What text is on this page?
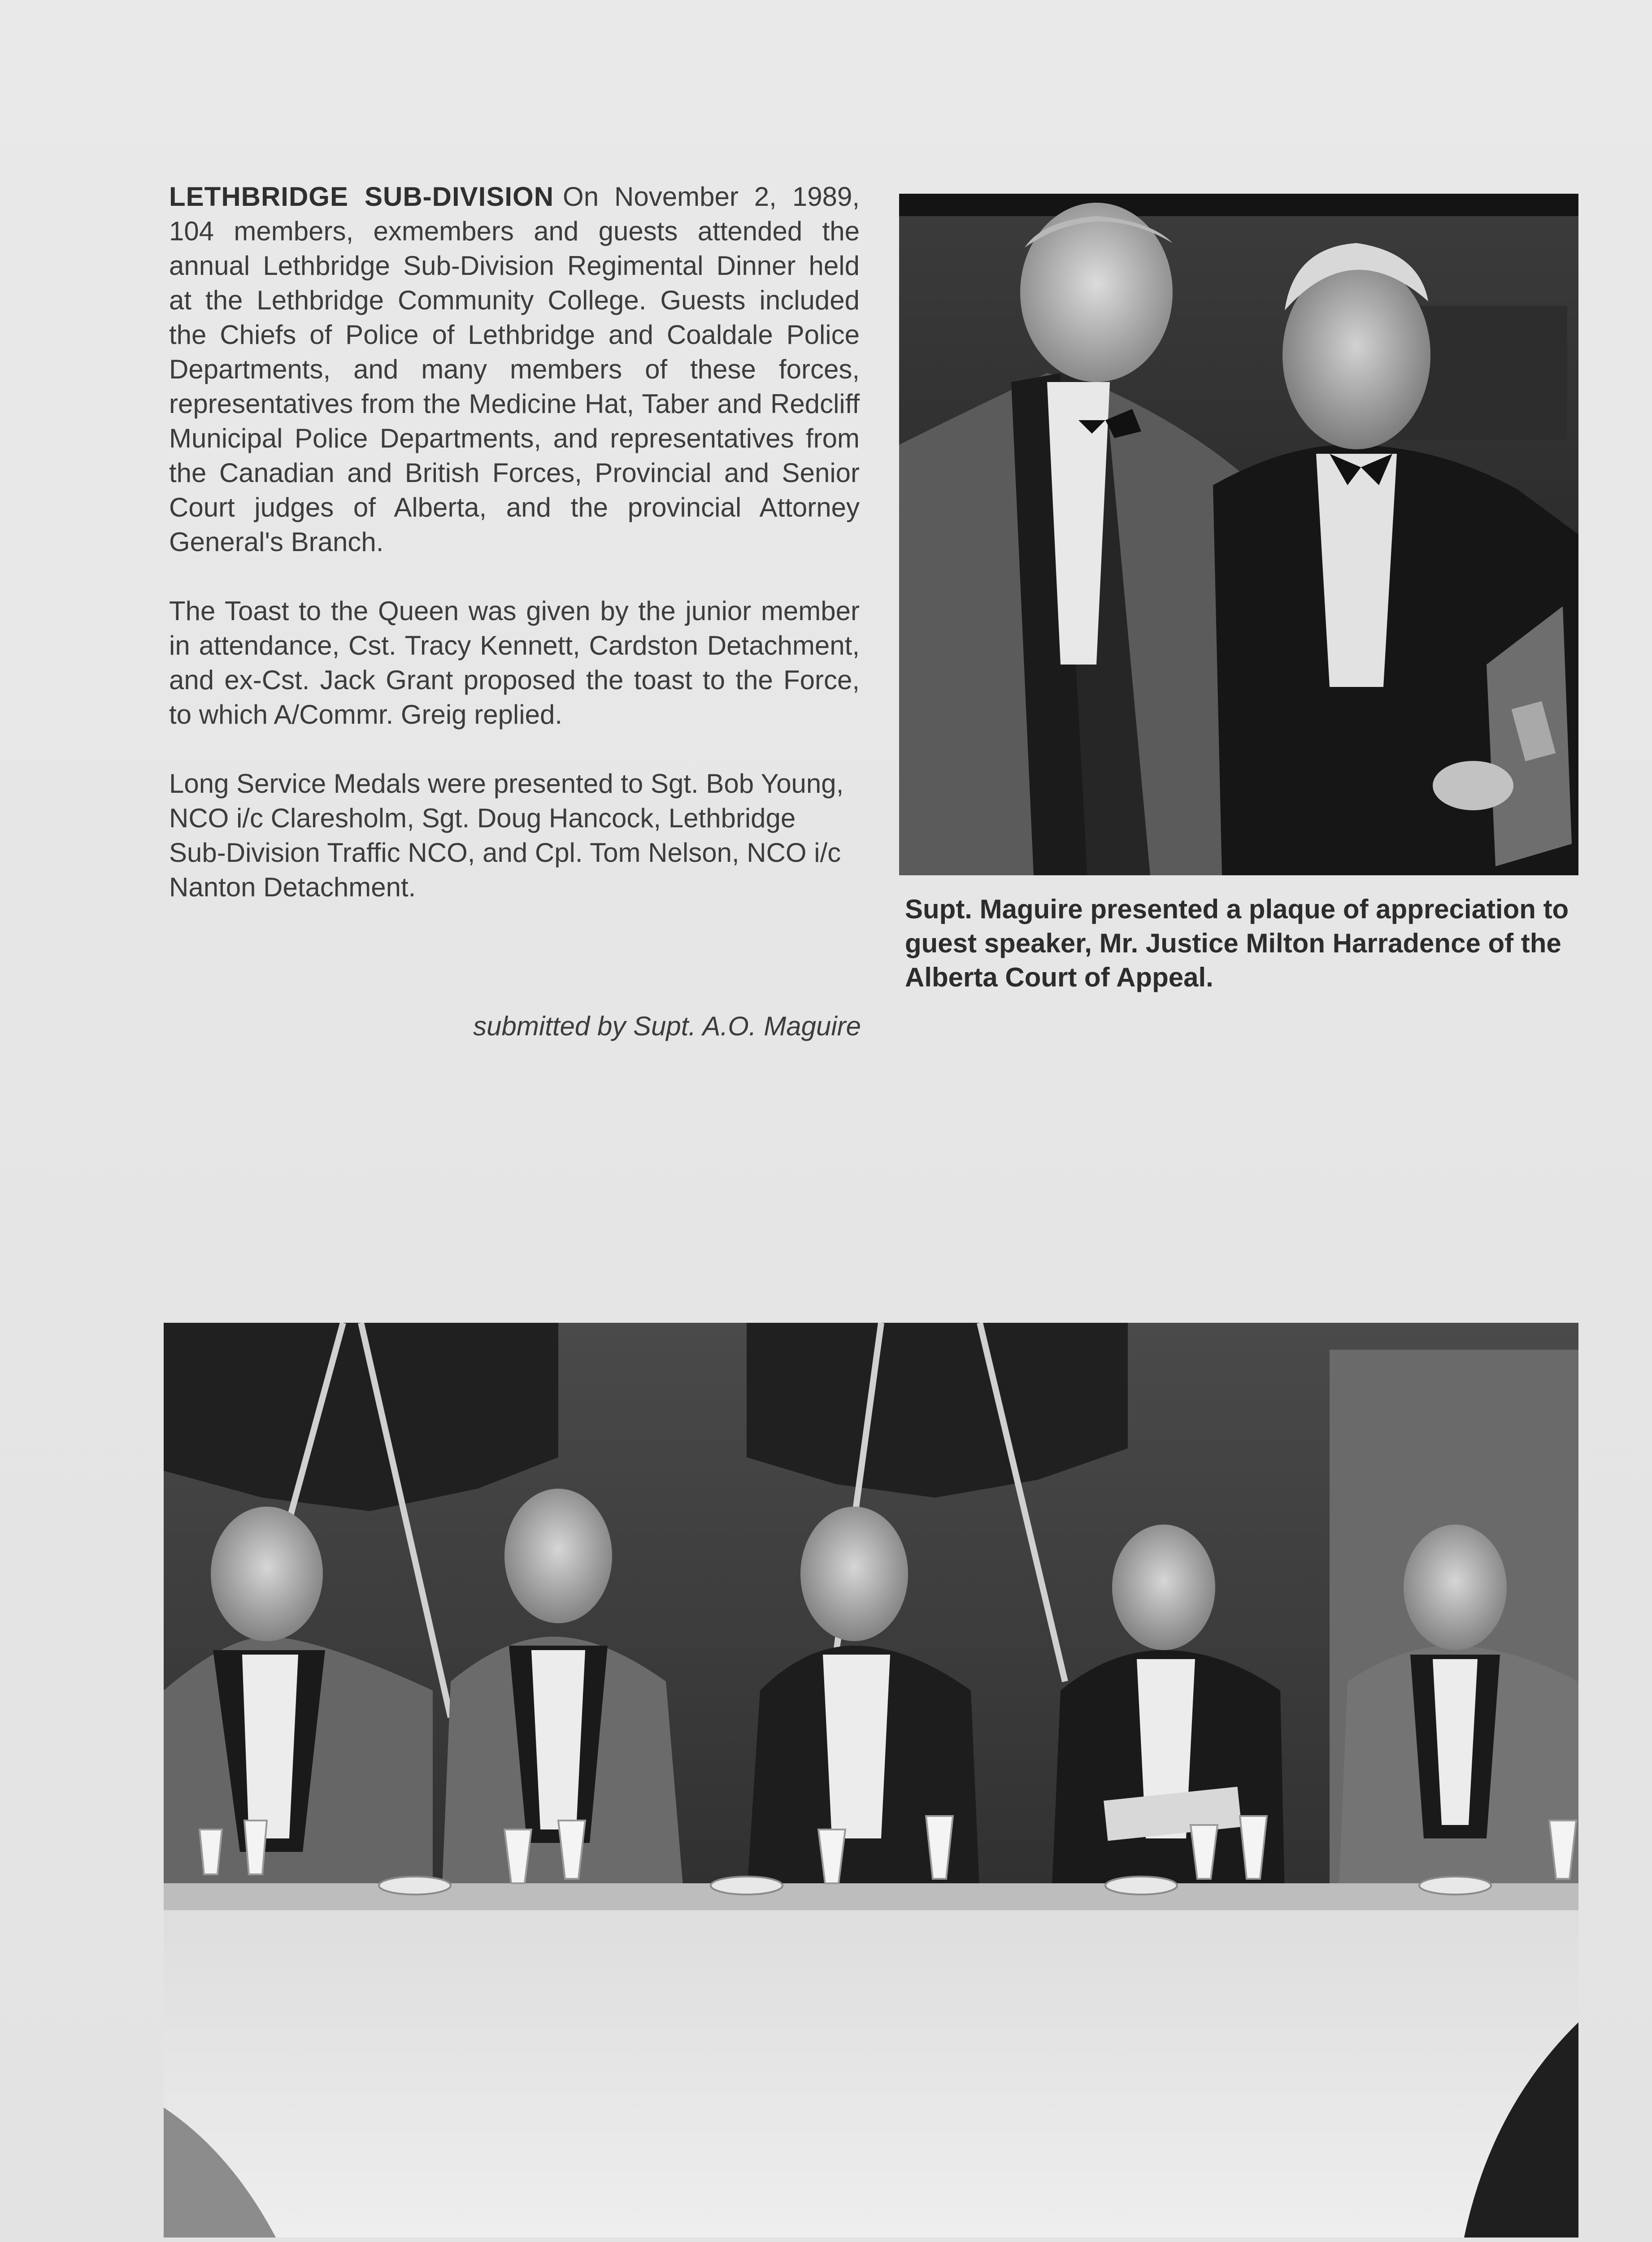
LETHBRIDGE SUB-DIVISION On November 2, 1989, 104 members, exmembers and guests attended the annual Lethbridge Sub-Division Regimental Dinner held at the Lethbridge Community College. Guests included the Chiefs of Police of Lethbridge and Coaldale Police Departments, and many members of these forces, representatives from the Medicine Hat, Taber and Redcliff Municipal Police Departments, and representatives from the Canadian and British Forces, Provincial and Senior Court judges of Alberta, and the provincial Attorney General's Branch.

The Toast to the Queen was given by the junior member in attendance, Cst. Tracy Kennett, Cardston Detachment, and ex-Cst. Jack Grant proposed the toast to the Force, to which A/Commr. Greig replied.

Long Service Medals were presented to Sgt. Bob Young, NCO i/c Claresholm, Sgt. Doug Hancock, Lethbridge Sub-Division Traffic NCO, and Cpl. Tom Nelson, NCO i/c Nanton Detachment.

submitted by Supt. A.O. Maguire
Supt. Maguire presented a plaque of appreciation to guest speaker, Mr. Justice Milton Harradence of the Alberta Court of Appeal.
